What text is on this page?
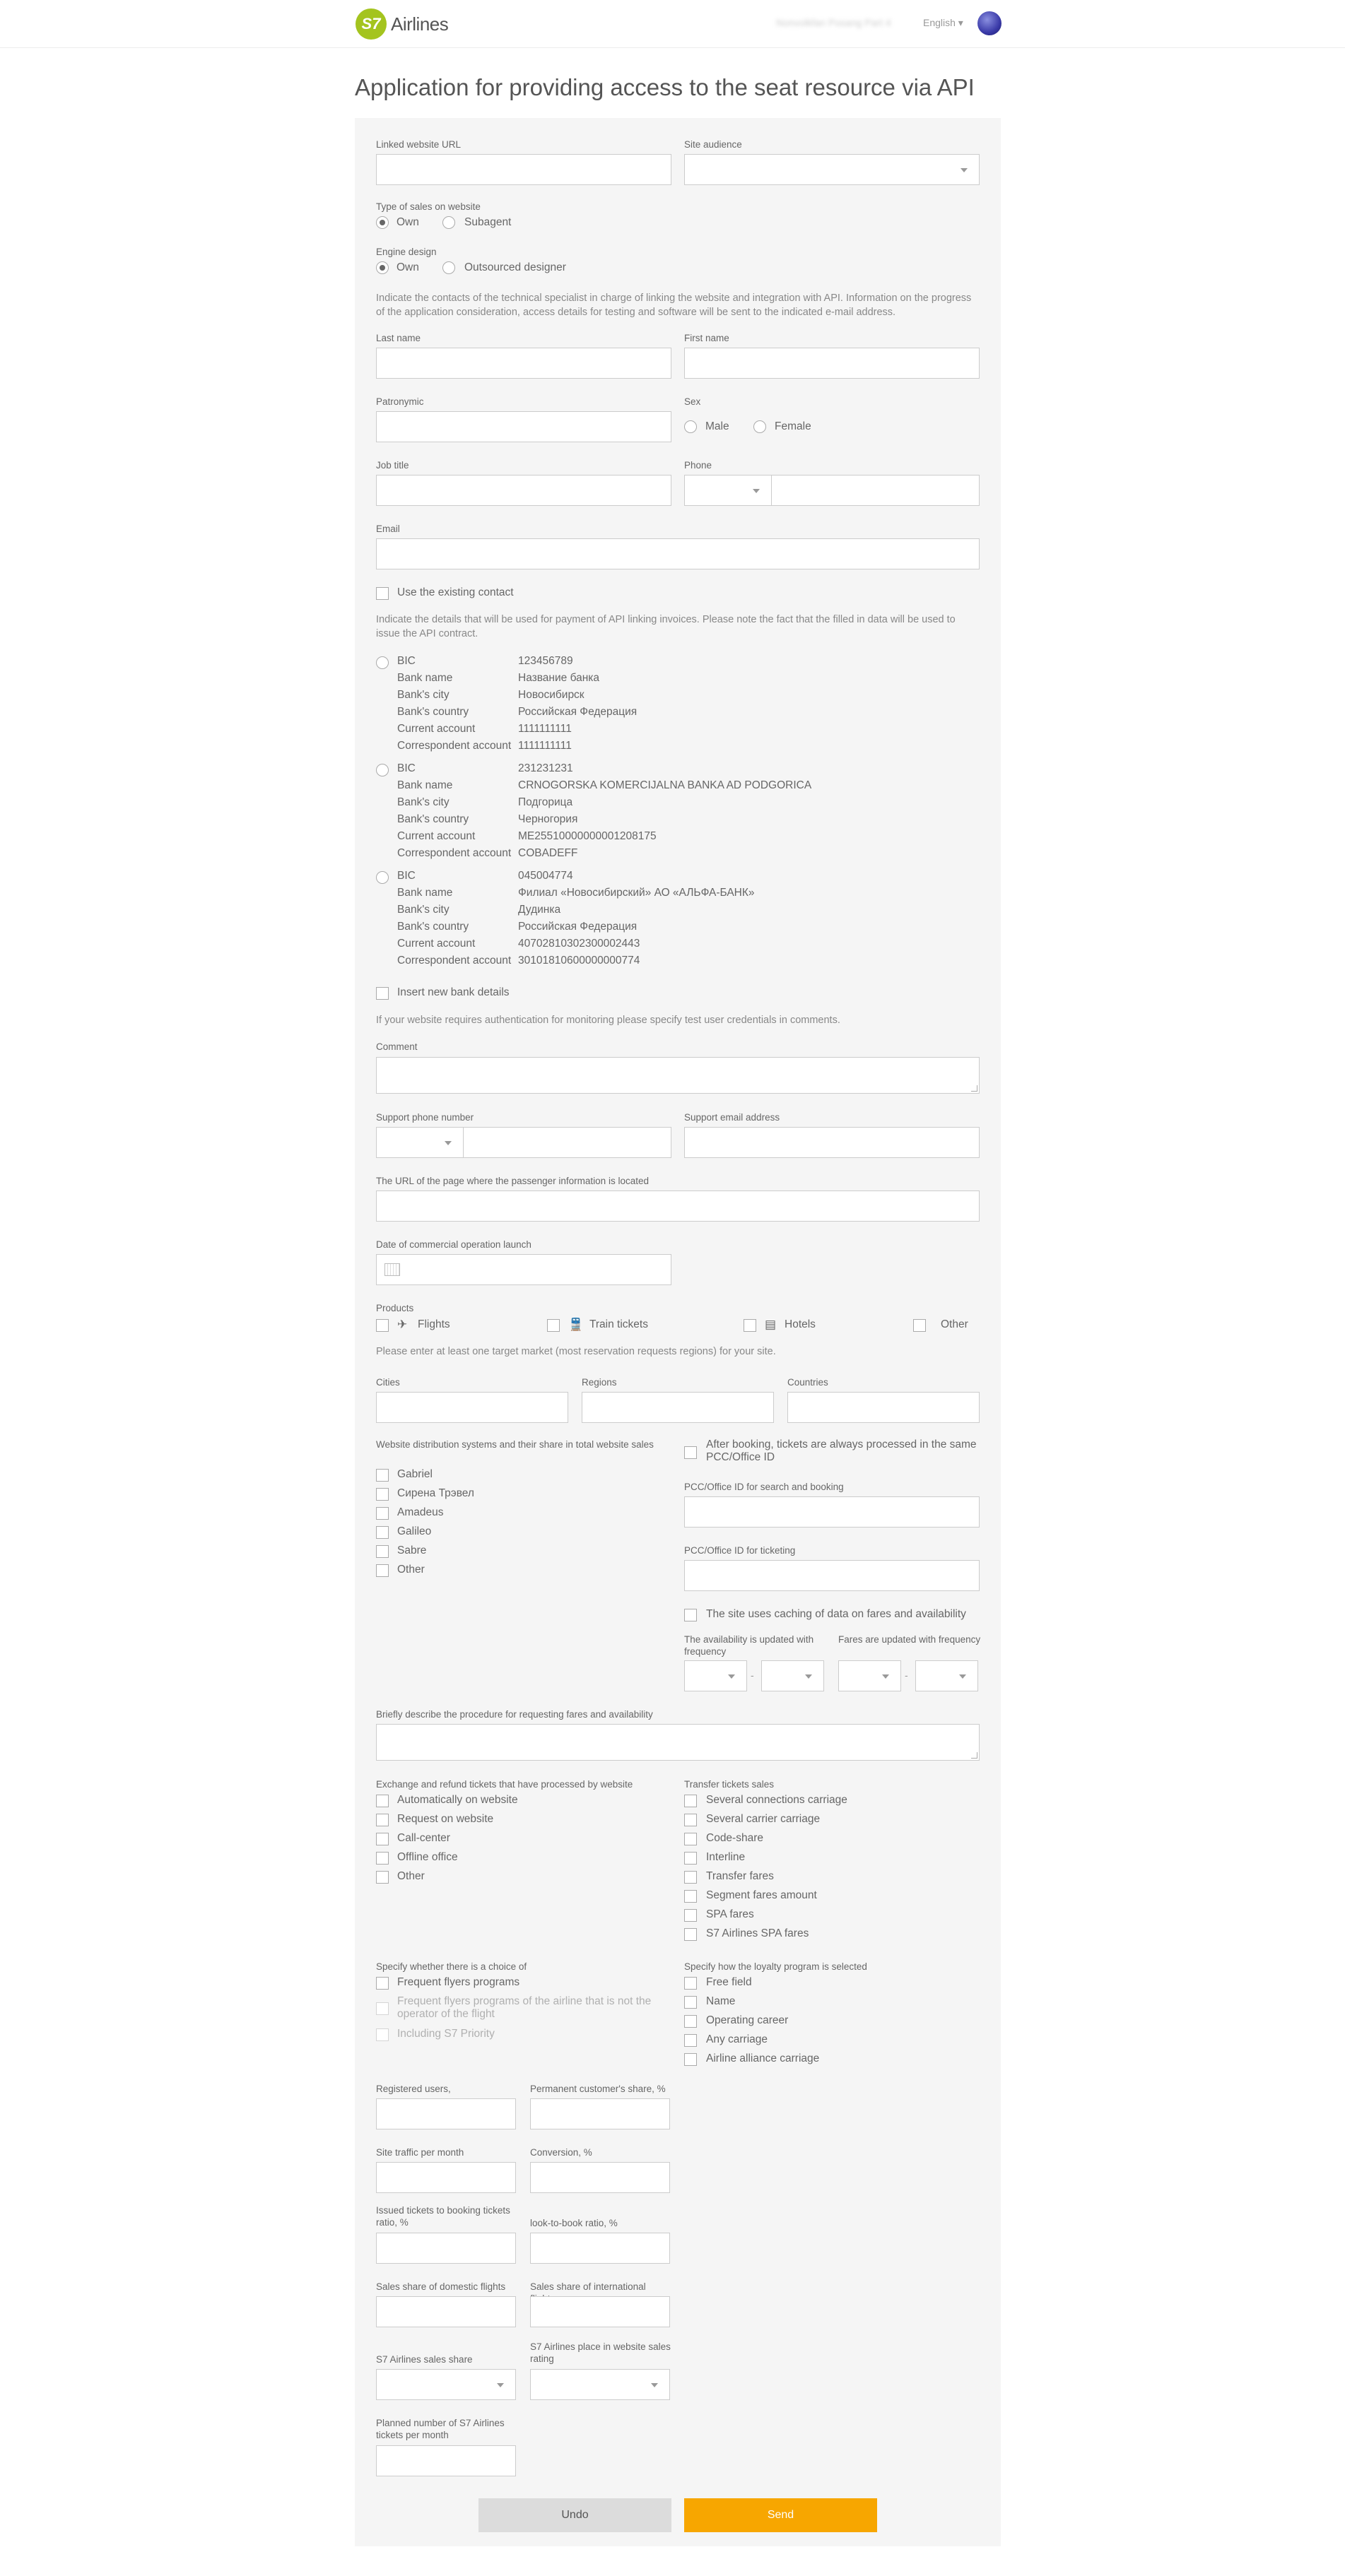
S7 Airlines	Nonvolkfan Posang Part 4	English ▾
Application for providing access to the seat resource via API
Linked website URL	Site audience
Type of sales on website
Own	Subagent
Engine design
Own	Outsourced designer
Indicate the contacts of the technical specialist in charge of linking the website and integration with API. Information on the progress of the application consideration, access details for testing and software will be sent to the indicated e-mail address.
Last name	First name
Patronymic	Sex
Male	Female
Job title	Phone
Email
Use the existing contact
Indicate the details that will be used for payment of API linking invoices. Please note the fact that the filled in data will be used to issue the API contract.
BIC	123456789
Bank name	Название банка
Bank's city	Новосибирск
Bank's country	Российская Федерация
Current account	1111111111
Correspondent account 1111111111
BIC	231231231
Bank name	CRNOGORSKA KOMERCIJALNA BANKA AD PODGORICA
Bank's city	Подгорица
Bank's country	Черногория
Current account	ME25510000000001208175
Correspondent account COBADEFF
BIC	045004774
Bank name	Филиал «Новосибирский» АО «АЛЬФА-БАНК»
Bank's city	Дудинка
Bank's country	Российская Федерация
Current account	40702810302300002443
Correspondent account 30101810600000000774
Insert new bank details
If your website requires authentication for monitoring please specify test user credentials in comments.
Comment
Support phone number	Support email address
The URL of the page where the passenger information is located
Date of commercial operation launch
Products
✈ Flights	🚆 Train tickets	▤ Hotels	Other
Please enter at least one target market (most reservation requests regions) for your site.
Cities	Regions	Countries
Website distribution systems and their share in total website sales
Gabriel
Сирена Трэвел
Amadeus
Galileo
Sabre
Other
After booking, tickets are always processed in the same PCC/Office ID
PCC/Office ID for search and booking
PCC/Office ID for ticketing
The site uses caching of data on fares and availability
The availability is updated with frequency
Fares are updated with frequency
-	-
Briefly describe the procedure for requesting fares and availability
Exchange and refund tickets that have processed by website
Automatically on website
Request on website
Call-center
Offline office
Other
Transfer tickets sales
Several connections carriage
Several carrier carriage
Code-share
Interline
Transfer fares
Segment fares amount
SPA fares
S7 Airlines SPA fares
Specify whether there is a choice of
Frequent flyers programs
Frequent flyers programs of the airline that is not the operator of the flight
Including S7 Priority
Specify how the loyalty program is selected
Free field
Name
Operating career
Any carriage
Airline alliance carriage
Registered users,	Permanent customer's share, %
Site traffic per month	Conversion, %
Issued tickets to booking tickets ratio, %	look-to-book ratio, %
Sales share of domestic flights	Sales share of international
S7 Airlines sales share
S7 Airlines place in website sales rating
Planned number of S7 Airlines tickets per month
Undo	Send
